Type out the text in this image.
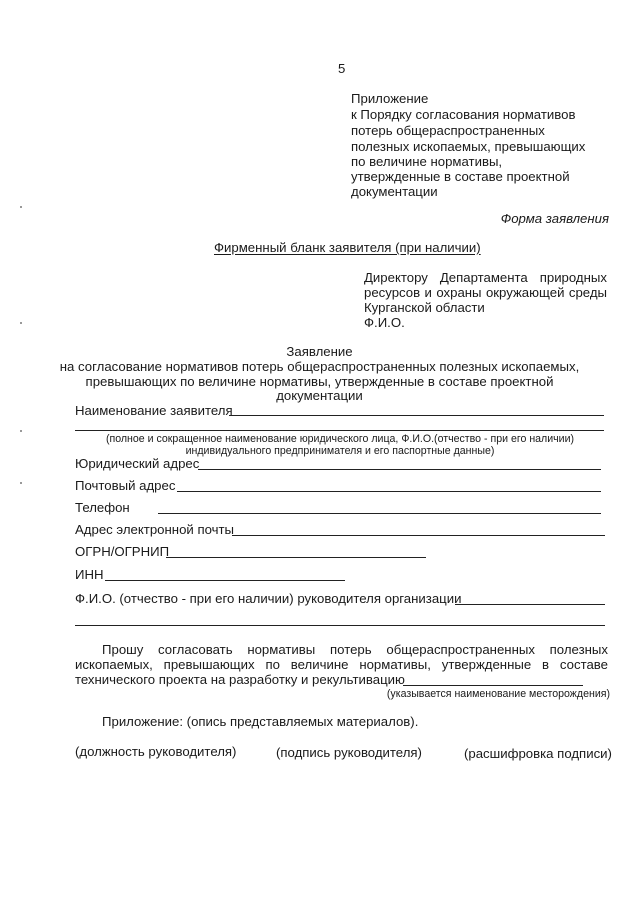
5
Приложение
к Порядку согласования нормативов
потерь общераспространенных
полезных ископаемых, превышающих
по величине нормативы,
утвержденные в составе проектной
документации
Форма заявления
Фирменный бланк заявителя (при наличии)
Директору Департамента природных
ресурсов и охраны окружающей среды
Курганской области
Ф.И.О.
Заявление
на согласование нормативов потерь общераспространенных полезных ископаемых,
превышающих по величине нормативы, утвержденные в составе проектной
документации
Наименование заявителя
(полное и сокращенное наименование юридического лица, Ф.И.О.(отчество - при его наличии)
индивидуального предпринимателя и его паспортные данные)
Юридический адрес
Почтовый адрес
Телефон
Адрес электронной почты
ОГРН/ОГРНИП
ИНН
Ф.И.О. (отчество - при его наличии) руководителя организации
Прошу согласовать нормативы потерь общераспространенных полезных
ископаемых, превышающих по величине нормативы, утвержденные в составе
технического проекта на разработку и рекультивацию
(указывается наименование месторождения)
Приложение: (опись представляемых материалов).
(должность руководителя)	(подпись руководителя)	(расшифровка подписи)
